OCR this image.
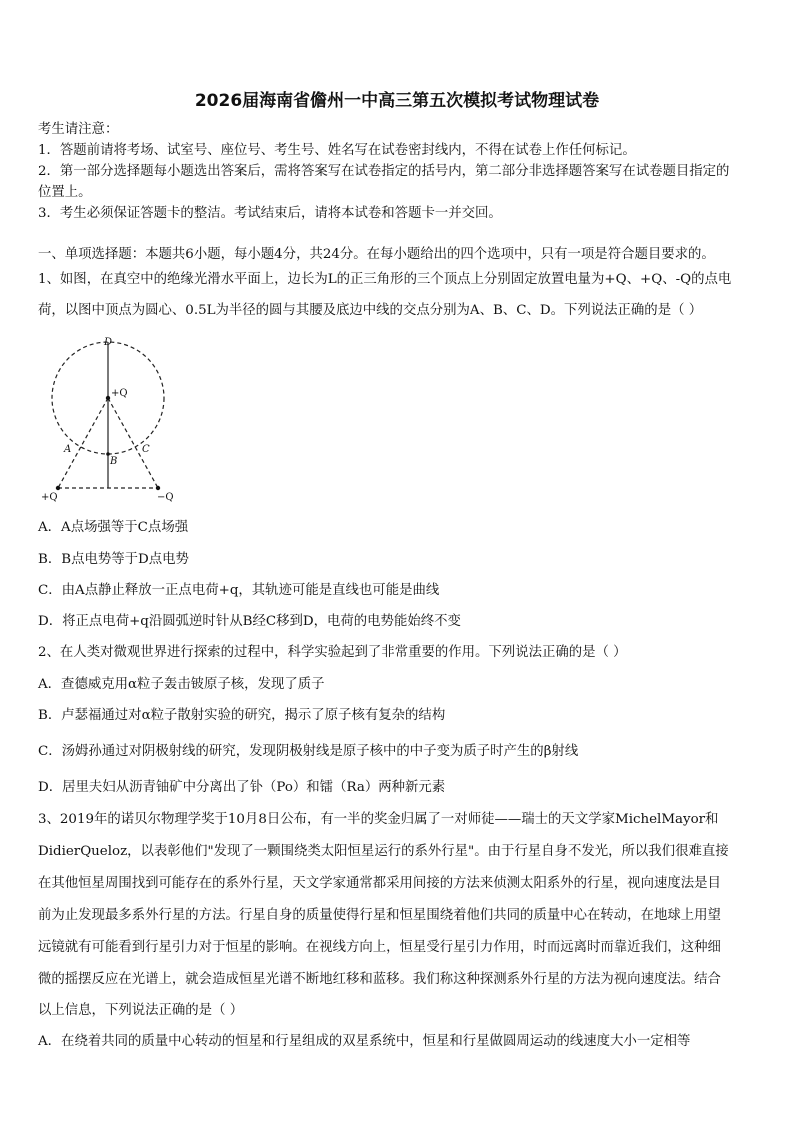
2026届海南省儋州一中高三第五次模拟考试物理试卷
考生请注意：
1．答题前请将考场、试室号、座位号、考生号、姓名写在试卷密封线内，不得在试卷上作任何标记。
2．第一部分选择题每小题选出答案后，需将答案写在试卷指定的括号内，第二部分非选择题答案写在试卷题目指定的
位置上。
3．考生必须保证答题卡的整洁。考试结束后，请将本试卷和答题卡一并交回。
一、单项选择题：本题共6小题，每小题4分，共24分。在每小题给出的四个选项中，只有一项是符合题目要求的。
1、如图，在真空中的绝缘光滑水平面上，边长为L的正三角形的三个顶点上分别固定放置电量为+Q、+Q、-Q的点电
荷，以图中顶点为圆心、0.5L为半径的圆与其腰及底边中线的交点分别为A、B、C、D。下列说法正确的是（ ）
D
+Q
A
B
C
+Q	−Q
A．A点场强等于C点场强
B．B点电势等于D点电势
C．由A点静止释放一正点电荷+q，其轨迹可能是直线也可能是曲线
D．将正点电荷+q沿圆弧逆时针从B经C移到D，电荷的电势能始终不变
2、在人类对微观世界进行探索的过程中，科学实验起到了非常重要的作用。下列说法正确的是（ ）
A．查德威克用α粒子轰击铍原子核，发现了质子
B．卢瑟福通过对α粒子散射实验的研究，揭示了原子核有复杂的结构
C．汤姆孙通过对阴极射线的研究，发现阴极射线是原子核中的中子变为质子时产生的β射线
D．居里夫妇从沥青铀矿中分离出了钋（Po）和镭（Ra）两种新元素
3、2019年的诺贝尔物理学奖于10月8日公布，有一半的奖金归属了一对师徒——瑞士的天文学家MichelMayor和
DidierQueloz，以表彰他们"发现了一颗围绕类太阳恒星运行的系外行星"。由于行星自身不发光，所以我们很难直接
在其他恒星周围找到可能存在的系外行星，天文学家通常都采用间接的方法来侦测太阳系外的行星，视向速度法是目
前为止发现最多系外行星的方法。行星自身的质量使得行星和恒星围绕着他们共同的质量中心在转动，在地球上用望
远镜就有可能看到行星引力对于恒星的影响。在视线方向上，恒星受行星引力作用，时而远离时而靠近我们，这种细
微的摇摆反应在光谱上，就会造成恒星光谱不断地红移和蓝移。我们称这种探测系外行星的方法为视向速度法。结合
以上信息，下列说法正确的是（ ）
A．在绕着共同的质量中心转动的恒星和行星组成的双星系统中，恒星和行星做圆周运动的线速度大小一定相等
